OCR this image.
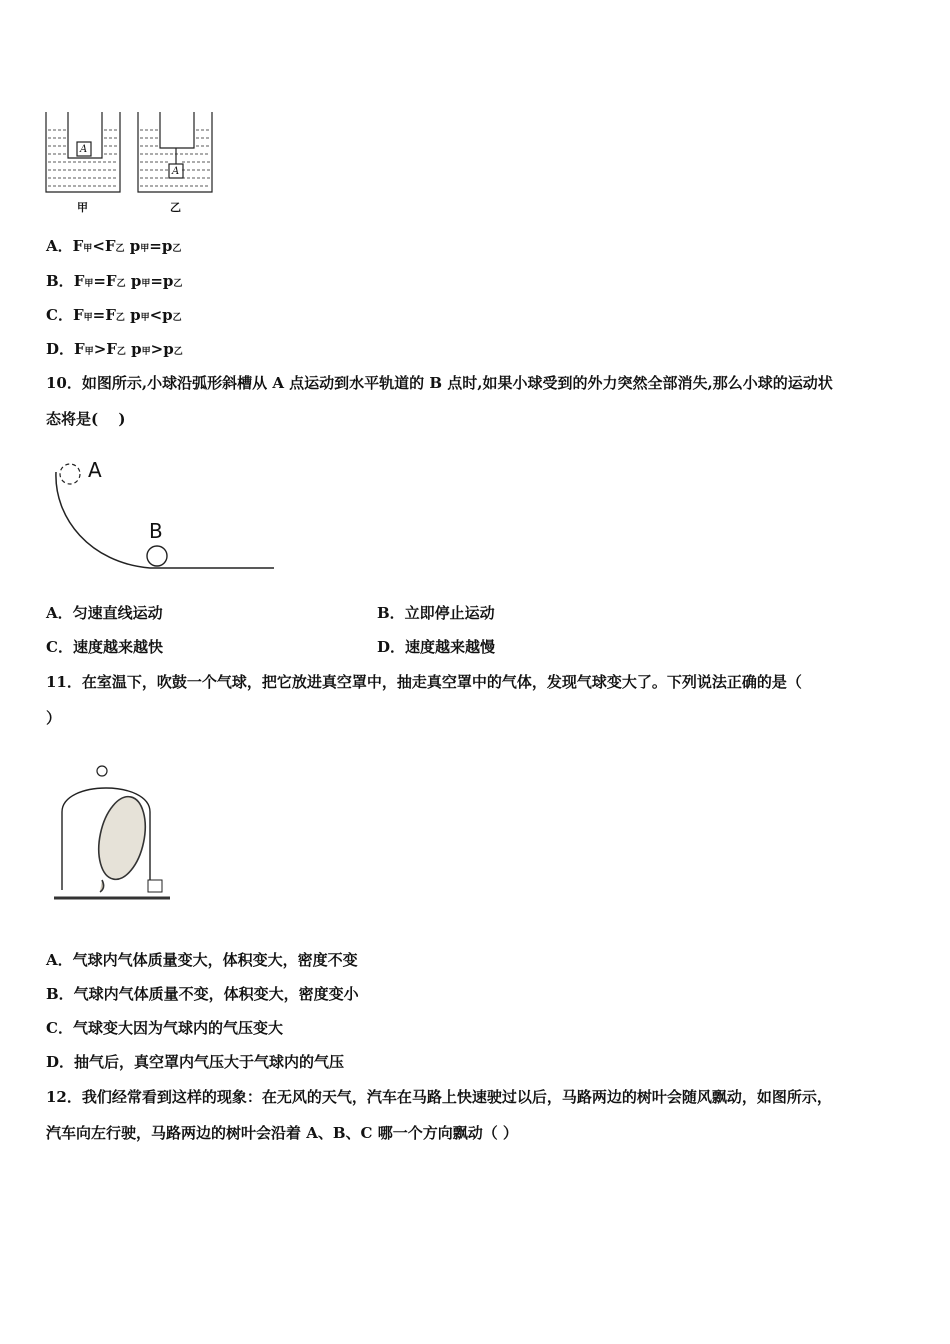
A
A
甲	乙
A．F甲<F乙 p甲=p乙
B．F甲=F乙 p甲=p乙
C．F甲=F乙 p甲<p乙
D．F甲>F乙 p甲>p乙
10．如图所示,小球沿弧形斜槽从 A 点运动到水平轨道的 B 点时,如果小球受到的外力突然全部消失,那么小球的运动状
态将是(　 )
A
B
A．匀速直线运动	B．立即停止运动
C．速度越来越快	D．速度越来越慢
11．在室温下，吹鼓一个气球，把它放进真空罩中，抽走真空罩中的气体，发现气球变大了。下列说法正确的是（
）
A．气球内气体质量变大，体积变大，密度不变
B．气球内气体质量不变，体积变大，密度变小
C．气球变大因为气球内的气压变大
D．抽气后，真空罩内气压大于气球内的气压
12．我们经常看到这样的现象：在无风的天气，汽车在马路上快速驶过以后，马路两边的树叶会随风飘动，如图所示，
汽车向左行驶，马路两边的树叶会沿着 A、B、C 哪一个方向飘动（ ）
